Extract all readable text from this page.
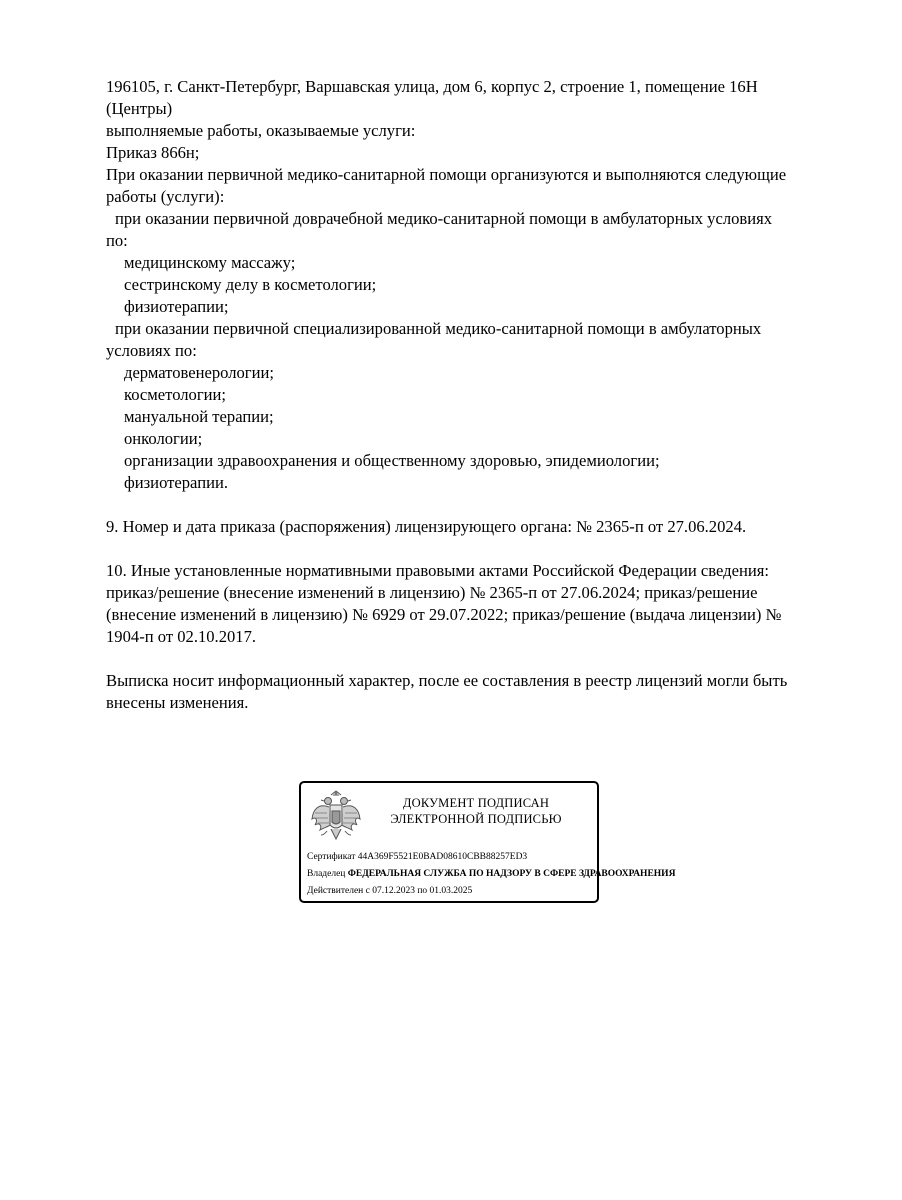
196105, г. Санкт-Петербург, Варшавская улица, дом 6, корпус 2, строение 1, помещение 16Н
(Центры)
выполняемые работы, оказываемые услуги:
Приказ 866н;
При оказании первичной медико-санитарной помощи организуются и выполняются следующие
работы (услуги):
при оказании первичной доврачебной медико-санитарной помощи в амбулаторных условиях
по:
медицинскому массажу;
сестринскому делу в косметологии;
физиотерапии;
при оказании первичной специализированной медико-санитарной помощи в амбулаторных
условиях по:
дерматовенерологии;
косметологии;
мануальной терапии;
онкологии;
организации здравоохранения и общественному здоровью, эпидемиологии;
физиотерапии.
9. Номер и дата приказа (распоряжения) лицензирующего органа: № 2365-п от 27.06.2024.
10. Иные установленные нормативными правовыми актами Российской Федерации сведения:
приказ/решение (внесение изменений в лицензию) № 2365-п от 27.06.2024; приказ/решение
(внесение изменений в лицензию) № 6929 от 29.07.2022; приказ/решение (выдача лицензии) №
1904-п от 02.10.2017.
Выписка носит информационный характер, после ее составления в реестр лицензий могли быть
внесены изменения.
ДОКУМЕНТ ПОДПИСАН
ЭЛЕКТРОННОЙ ПОДПИСЬЮ
Сертификат 44A369F5521E0BAD08610CBB88257ED3
Владелец ФЕДЕРАЛЬНАЯ СЛУЖБА ПО НАДЗОРУ В СФЕРЕ ЗДРАВООХРАНЕНИЯ
Действителен с 07.12.2023 по 01.03.2025
